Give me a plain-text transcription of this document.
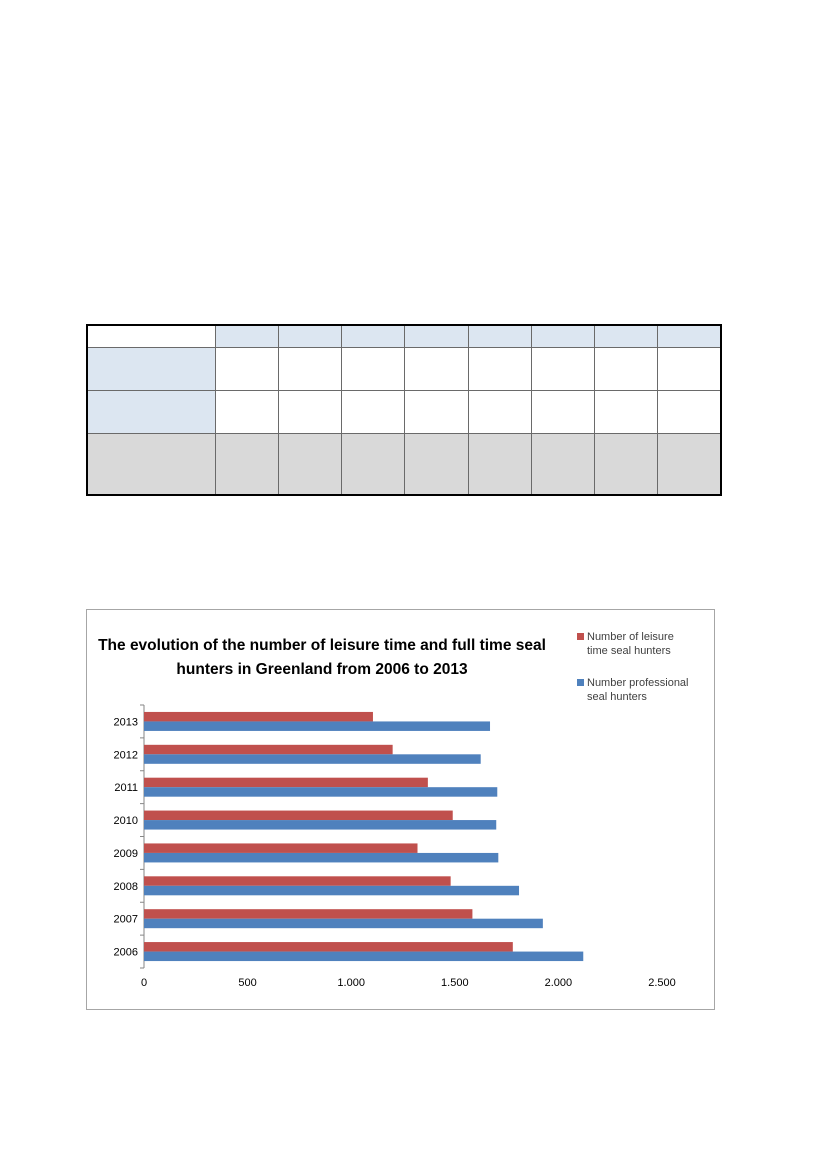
The evolution of the number of leisure time and full time seal
hunters in Greenland from 2006 to 2013
Number of leisure
time seal hunters
Number professional
seal hunters
2006
2007
2008
2009
2010
2011
2012
2013
0	500	1.000	1.500	2.000	2.500
